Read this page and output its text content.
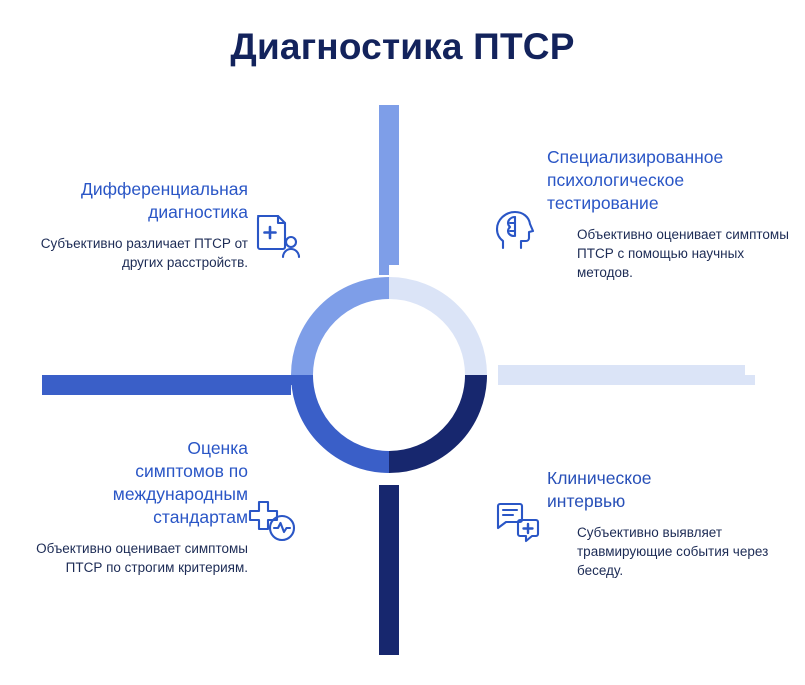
Диагностика ПТСР
Дифференциальная
диагностика
Субъективно различает ПТСР от других расстройств.
Специализированное
психологическое
тестирование
Объективно оценивает симптомы ПТСР с помощью научных методов.
Оценка
симптомов по
международным
стандартам
Объективно оценивает симптомы ПТСР по строгим критериям.
Клиническое
интервью
Субъективно выявляет травмирующие события через беседу.
